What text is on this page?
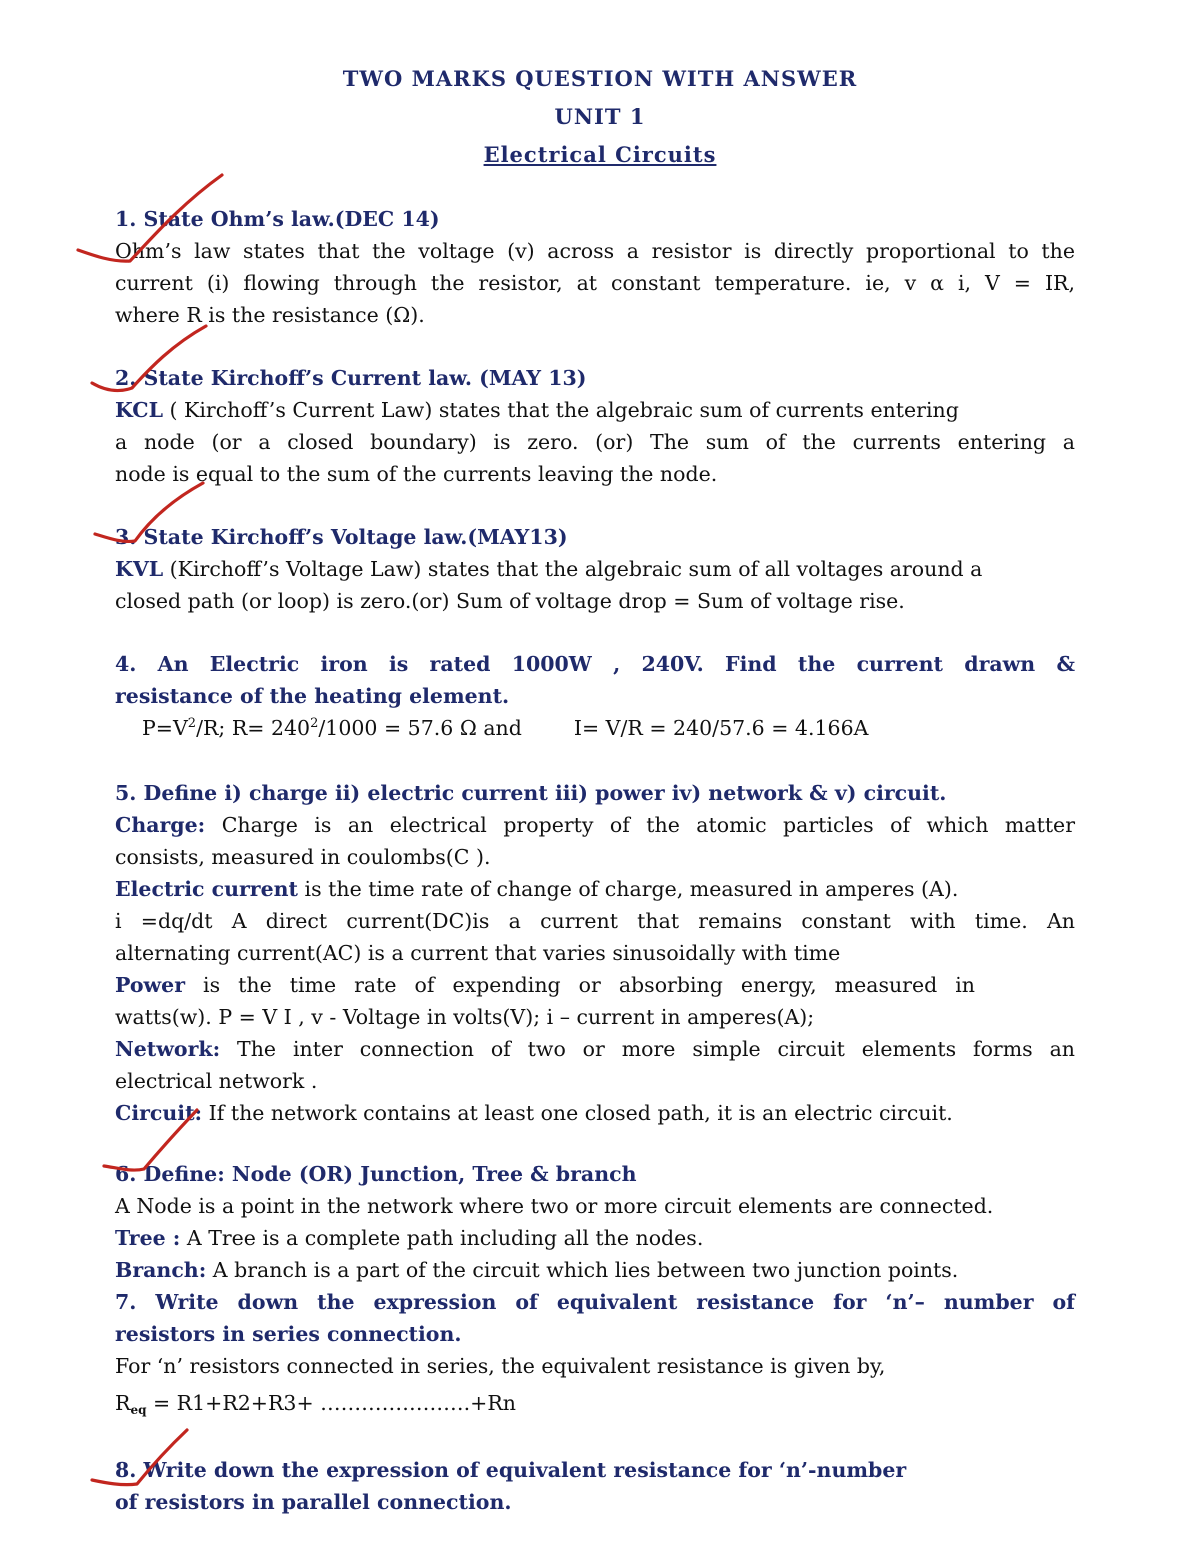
TWO MARKS QUESTION WITH ANSWER
UNIT 1
Electrical Circuits
1. State Ohm’s law.(DEC 14)
Ohm’s law states that the voltage (v) across a resistor is directly proportional to the
current (i) flowing through the resistor, at constant temperature. ie, v α i, V = IR,
where R is the resistance (Ω).
2. State Kirchoff’s Current law. (MAY 13)
KCL ( Kirchoff’s Current Law) states that the algebraic sum of currents entering
a node (or a closed boundary) is zero. (or) The sum of the currents entering a
node is equal to the sum of the currents leaving the node.
3. State Kirchoff’s Voltage law.(MAY13)
KVL (Kirchoff’s Voltage Law) states that the algebraic sum of all voltages around a
closed path (or loop) is zero.(or) Sum of voltage drop = Sum of voltage rise.
4. An Electric iron is rated 1000W , 240V. Find the current drawn &
resistance of the heating element.
$P=V^2/R$; $R= 240^2/1000 = 57.6$ Ω and	I= V/R = 240/57.6 = 4.166A
5. Define i) charge ii) electric current iii) power iv) network & v) circuit.
Charge: Charge is an electrical property of the atomic particles of which matter
consists, measured in coulombs(C ).
Electric current is the time rate of change of charge, measured in amperes (A).
i =dq/dt A direct current(DC)is a current that remains constant with time. An
alternating current(AC) is a current that varies sinusoidally with time
Power is the time rate of expending or absorbing energy, measured in
watts(w). P = V I , v - Voltage in volts(V); i – current in amperes(A);
Network: The inter connection of two or more simple circuit elements forms an
electrical network .
Circuit: If the network contains at least one closed path, it is an electric circuit.
6. Define: Node (OR) Junction, Tree & branch
A Node is a point in the network where two or more circuit elements are connected.
Tree : A Tree is a complete path including all the nodes.
Branch: A branch is a part of the circuit which lies between two junction points.
7. Write down the expression of equivalent resistance for ‘n’– number of
resistors in series connection.
For ‘n’ resistors connected in series, the equivalent resistance is given by,
$R_{eq} = R1+R2+R3+$ ………………….+Rn
8. Write down the expression of equivalent resistance for ‘n’-number
of resistors in parallel connection.
